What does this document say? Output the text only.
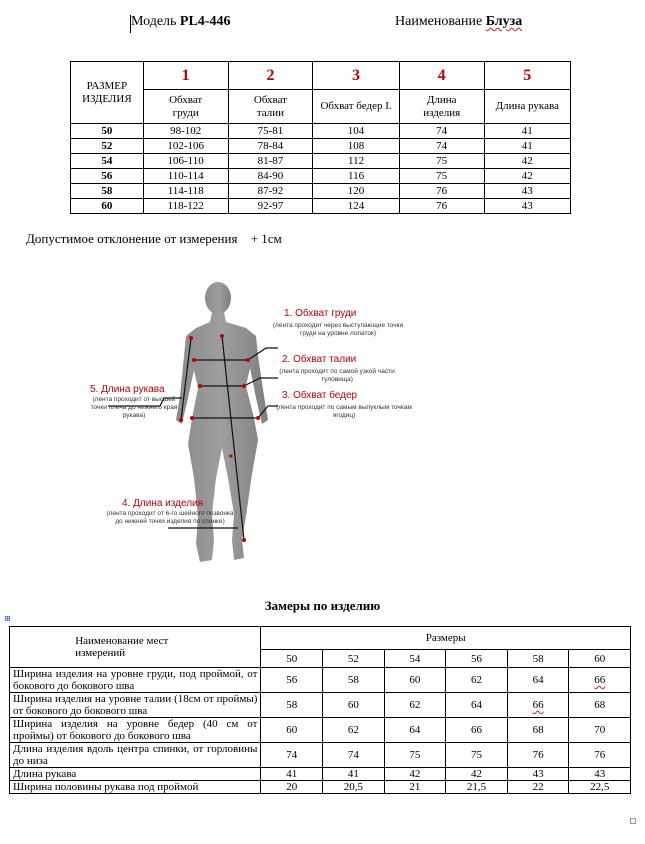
Модель PL4-446	Наименование Блуза
РАЗМЕР ИЗДЕЛИЯ	1	2	3	4	5
	Обхват груди	Обхват талии	Обхват бедер I.	Длина изделия	Длина рукава
50	98-102	75-81	104	74	41
52	102-106	78-84	108	74	41
54	106-110	81-87	112	75	42
56	110-114	84-90	116	75	42
58	114-118	87-92	120	76	43
60	118-122	92-97	124	76	43
Допустимое отклонение от измерения + 1см
1. Обхват груди
(лента проходит через выступающие точки груди на уровне лопаток)
2. Обхват талии
(лента проходит по самой узкой части туловища)
3. Обхват бедер
(лента проходит по самым выпуклым точкам ягодиц)
5. Длина рукава
(лента проходит от высшей точки плеча до нижнего края рукава)
4. Длина изделия
(лента проходит от 6-го шейного позвонка до нижней точки изделия по спинке)
Замеры по изделию
⊞
Наименование мест измерений	Размеры					
	50	52	54	56	58	60
Ширина изделия на уровне груди, под проймой, от бокового до бокового шва	56	58	60	62	64	66
Ширина изделия на уровне талии (18см от проймы) от бокового до бокового шва	58	60	62	64	66	68
Ширина изделия на уровне бедер (40 см от проймы) от бокового до бокового шва	60	62	64	66	68	70
Длина изделия вдоль центра спинки, от горловины до низа	74	74	75	75	76	76
Длина рукава	41	41	42	42	43	43
Ширина половины рукава под проймой	20	20,5	21	21,5	22	22,5
